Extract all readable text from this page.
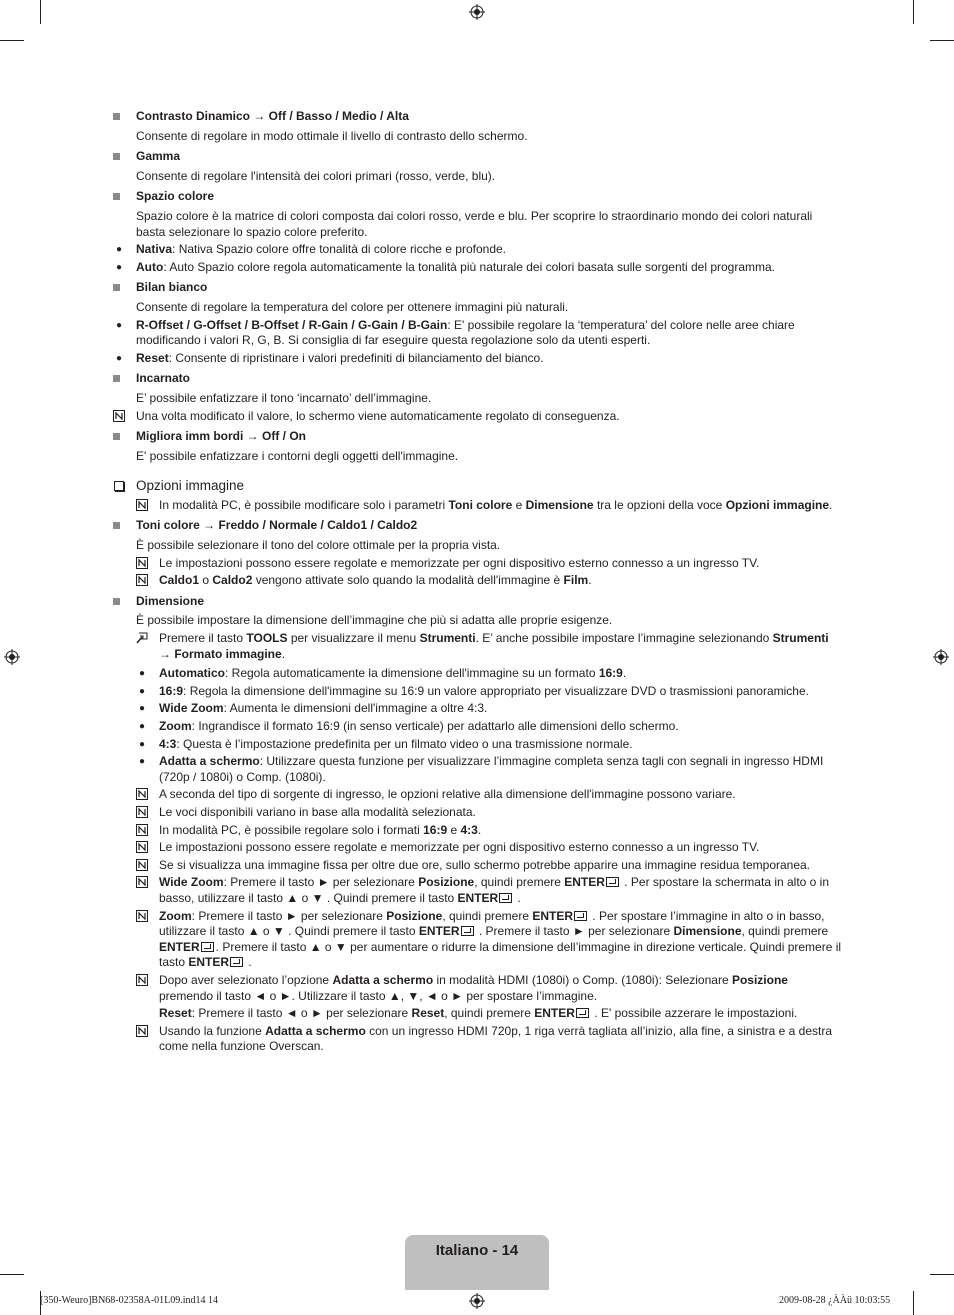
Contrasto Dinamico → Off / Basso / Medio / Alta
Consente di regolare in modo ottimale il livello di contrasto dello schermo.
Gamma
Consente di regolare l'intensità dei colori primari (rosso, verde, blu).
Spazio colore
Spazio colore è la matrice di colori composta dai colori rosso, verde e blu. Per scoprire lo straordinario mondo dei colori naturali basta selezionare lo spazio colore preferito.
● Nativa: Nativa Spazio colore offre tonalità di colore ricche e profonde.
● Auto: Auto Spazio colore regola automaticamente la tonalità più naturale dei colori basata sulle sorgenti del programma.
Bilan bianco
Consente di regolare la temperatura del colore per ottenere immagini più naturali.
● R-Offset / G-Offset / B-Offset / R-Gain / G-Gain / B-Gain: E' possibile regolare la ‘temperatura’ del colore nelle aree chiare modificando i valori R, G, B. Si consiglia di far eseguire questa regolazione solo da utenti esperti.
● Reset: Consente di ripristinare i valori predefiniti di bilanciamento del bianco.
Incarnato
E’ possibile enfatizzare il tono ‘incarnato’ dell’immagine.
Una volta modificato il valore, lo schermo viene automaticamente regolato di conseguenza.
Migliora imm bordi → Off / On
E' possibile enfatizzare i contorni degli oggetti dell'immagine.
Opzioni immagine
In modalità PC, è possibile modificare solo i parametri Toni colore e Dimensione tra le opzioni della voce Opzioni immagine.
Toni colore → Freddo / Normale / Caldo1 / Caldo2
È possibile selezionare il tono del colore ottimale per la propria vista.
Le impostazioni possono essere regolate e memorizzate per ogni dispositivo esterno connesso a un ingresso TV.
Caldo1 o Caldo2 vengono attivate solo quando la modalità dell'immagine è Film.
Dimensione
È possibile impostare la dimensione dell’immagine che più si adatta alle proprie esigenze.
Premere il tasto TOOLS per visualizzare il menu Strumenti. E’ anche possibile impostare l’immagine selezionando Strumenti → Formato immagine.
● Automatico: Regola automaticamente la dimensione dell'immagine su un formato 16:9.
● 16:9: Regola la dimensione dell'immagine su 16:9 un valore appropriato per visualizzare DVD o trasmissioni panoramiche.
● Wide Zoom: Aumenta le dimensioni dell'immagine a oltre 4:3.
● Zoom: Ingrandisce il formato 16:9 (in senso verticale) per adattarlo alle dimensioni dello schermo.
● 4:3: Questa è l’impostazione predefinita per un filmato video o una trasmissione normale.
● Adatta a schermo: Utilizzare questa funzione per visualizzare l’immagine completa senza tagli con segnali in ingresso HDMI (720p / 1080i) o Comp. (1080i).
A seconda del tipo di sorgente di ingresso, le opzioni relative alla dimensione dell'immagine possono variare.
Le voci disponibili variano in base alla modalità selezionata.
In modalità PC, è possibile regolare solo i formati 16:9 e 4:3.
Le impostazioni possono essere regolate e memorizzate per ogni dispositivo esterno connesso a un ingresso TV.
Se si visualizza una immagine fissa per oltre due ore, sullo schermo potrebbe apparire una immagine residua temporanea.
Wide Zoom: Premere il tasto ► per selezionare Posizione, quindi premere ENTER . Per spostare la schermata in alto o in basso, utilizzare il tasto ▲ o ▼ . Quindi premere il tasto ENTER .
Zoom: Premere il tasto ► per selezionare Posizione, quindi premere ENTER . Per spostare l’immagine in alto o in basso, utilizzare il tasto ▲ o ▼ . Quindi premere il tasto ENTER . Premere il tasto ► per selezionare Dimensione, quindi premere ENTER . Premere il tasto ▲ o ▼ per aumentare o ridurre la dimensione dell’immagine in direzione verticale. Quindi premere il tasto ENTER .
Dopo aver selezionato l’opzione Adatta a schermo in modalità HDMI (1080i) o Comp. (1080i): Selezionare Posizione premendo il tasto ◄ o ►. Utilizzare il tasto ▲, ▼, ◄ o ► per spostare l’immagine.
Reset: Premere il tasto ◄ o ► per selezionare Reset, quindi premere ENTER . E' possibile azzerare le impostazioni.
Usando la funzione Adatta a schermo con un ingresso HDMI 720p, 1 riga verrà tagliata all’inizio, alla fine, a sinistra e a destra come nella funzione Overscan.
Italiano - 14
[350-Weuro]BN68-02358A-01L09.ind14 14	2009-08-28 ¿ÀÀü 10:03:55
